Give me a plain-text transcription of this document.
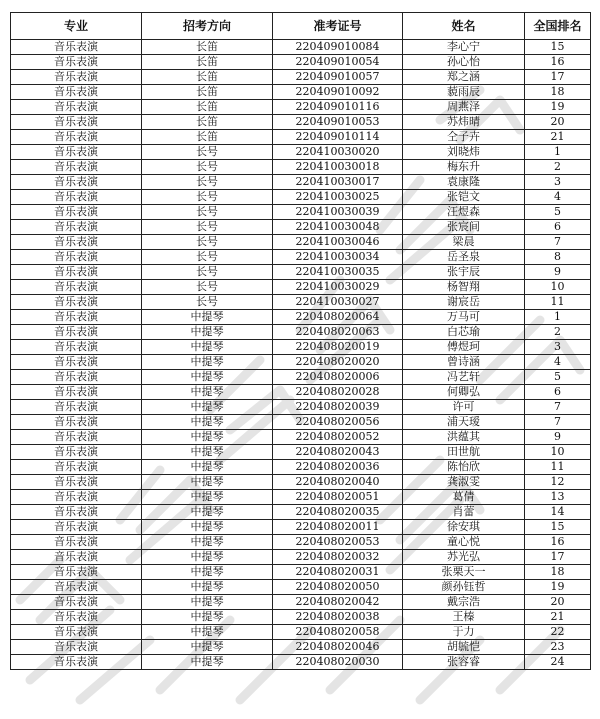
专业	招考方向	准考证号	姓名	全国排名
音乐表演	长笛	220409010084	李心宁	15
音乐表演	长笛	220409010054	孙心怡	16
音乐表演	长笛	220409010057	郑之涵	17
音乐表演	长笛	220409010092	藐雨辰	18
音乐表演	长笛	220409010116	周燕泽	19
音乐表演	长笛	220409010053	苏炜晴	20
音乐表演	长笛	220409010114	仝子卉	21
音乐表演	长号	220410030020	刘晓炜	1
音乐表演	长号	220410030018	梅东升	2
音乐表演	长号	220410030017	袁康隆	3
音乐表演	长号	220410030025	张铠文	4
音乐表演	长号	220410030039	汪煜森	5
音乐表演	长号	220410030048	张宸间	6
音乐表演	长号	220410030046	梁晨	7
音乐表演	长号	220410030034	岳圣泉	8
音乐表演	长号	220410030035	张宇辰	9
音乐表演	长号	220410030029	杨智翔	10
音乐表演	长号	220410030027	谢宸岳	11
音乐表演	中提琴	220408020064	万马可	1
音乐表演	中提琴	220408020063	白芯瑜	2
音乐表演	中提琴	220408020019	傅煜珂	3
音乐表演	中提琴	220408020020	曾诗涵	4
音乐表演	中提琴	220408020006	冯艺轩	5
音乐表演	中提琴	220408020028	何卿弘	6
音乐表演	中提琴	220408020039	许可	7
音乐表演	中提琴	220408020056	浦天瑷	7
音乐表演	中提琴	220408020052	洪蕴其	9
音乐表演	中提琴	220408020043	田世航	10
音乐表演	中提琴	220408020036	陈怡欣	11
音乐表演	中提琴	220408020040	龚淑雯	12
音乐表演	中提琴	220408020051	葛倩	13
音乐表演	中提琴	220408020035	肖蕾	14
音乐表演	中提琴	220408020011	徐安琪	15
音乐表演	中提琴	220408020053	童心悦	16
音乐表演	中提琴	220408020032	苏光弘	17
音乐表演	中提琴	220408020031	张栗天一	18
音乐表演	中提琴	220408020050	颜孙钰哲	19
音乐表演	中提琴	220408020042	戴宗浩	20
音乐表演	中提琴	220408020038	王榛	21
音乐表演	中提琴	220408020058	于力	22
音乐表演	中提琴	220408020046	胡毓恺	23
音乐表演	中提琴	220408020030	张容睿	24
